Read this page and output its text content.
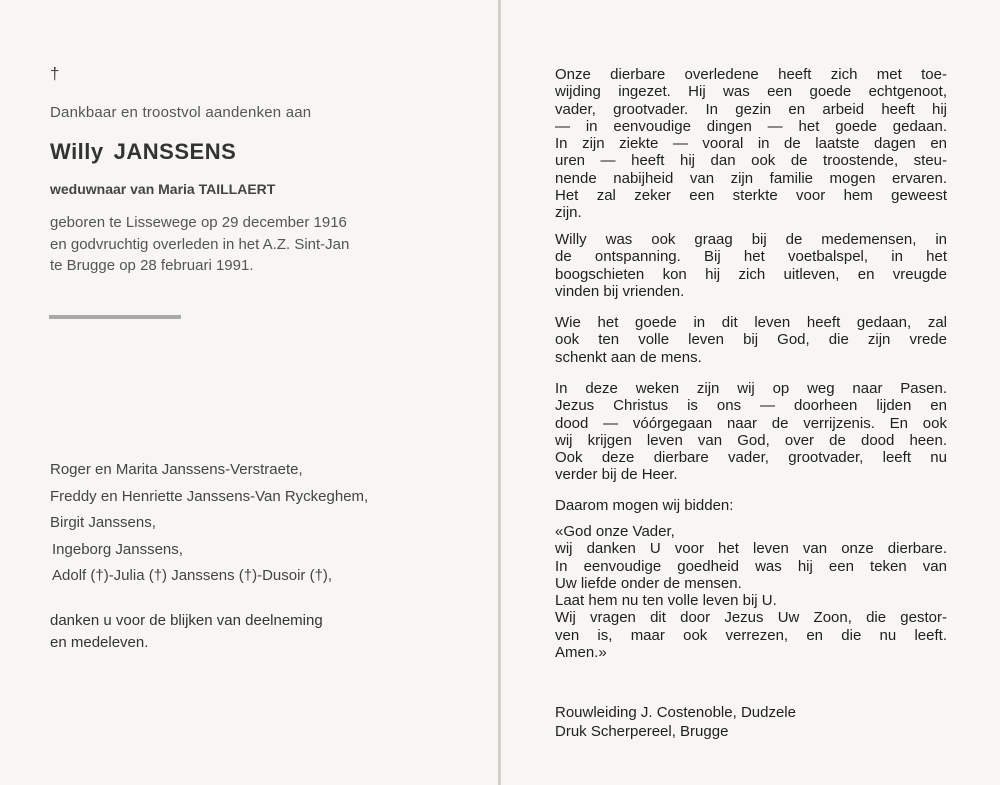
†
Dankbaar en troostvol aandenken aan
Willy JANSSENS
weduwnaar van Maria TAILLAERT
geboren te Lissewege op 29 december 1916
en godvruchtig overleden in het A.Z. Sint-Jan
te Brugge op 28 februari 1991.
Roger en Marita Janssens-Verstraete,
Freddy en Henriette Janssens-Van Ryckeghem,
Birgit Janssens,
Ingeborg Janssens,
Adolf (†)-Julia (†) Janssens (†)-Dusoir (†),
danken u voor de blijken van deelneming
en medeleven.
Onze dierbare overledene heeft zich met toe-
wijding ingezet. Hij was een goede echtgenoot,
vader, grootvader. In gezin en arbeid heeft hij
— in eenvoudige dingen — het goede gedaan.
In zijn ziekte — vooral in de laatste dagen en
uren — heeft hij dan ook de troostende, steu-
nende nabijheid van zijn familie mogen ervaren.
Het zal zeker een sterkte voor hem geweest
zijn.
Willy was ook graag bij de medemensen, in
de ontspanning. Bij het voetbalspel, in het
boogschieten kon hij zich uitleven, en vreugde
vinden bij vrienden.
Wie het goede in dit leven heeft gedaan, zal
ook ten volle leven bij God, die zijn vrede
schenkt aan de mens.
In deze weken zijn wij op weg naar Pasen.
Jezus Christus is ons — doorheen lijden en
dood — vóórgegaan naar de verrijzenis. En ook
wij krijgen leven van God, over de dood heen.
Ook deze dierbare vader, grootvader, leeft nu
verder bij de Heer.
Daarom mogen wij bidden:
«God onze Vader,
wij danken U voor het leven van onze dierbare.
In eenvoudige goedheid was hij een teken van
Uw liefde onder de mensen.
Laat hem nu ten volle leven bij U.
Wij vragen dit door Jezus Uw Zoon, die gestor-
ven is, maar ook verrezen, en die nu leeft.
Amen.»
Rouwleiding J. Costenoble, Dudzele
Druk Scherpereel, Brugge
